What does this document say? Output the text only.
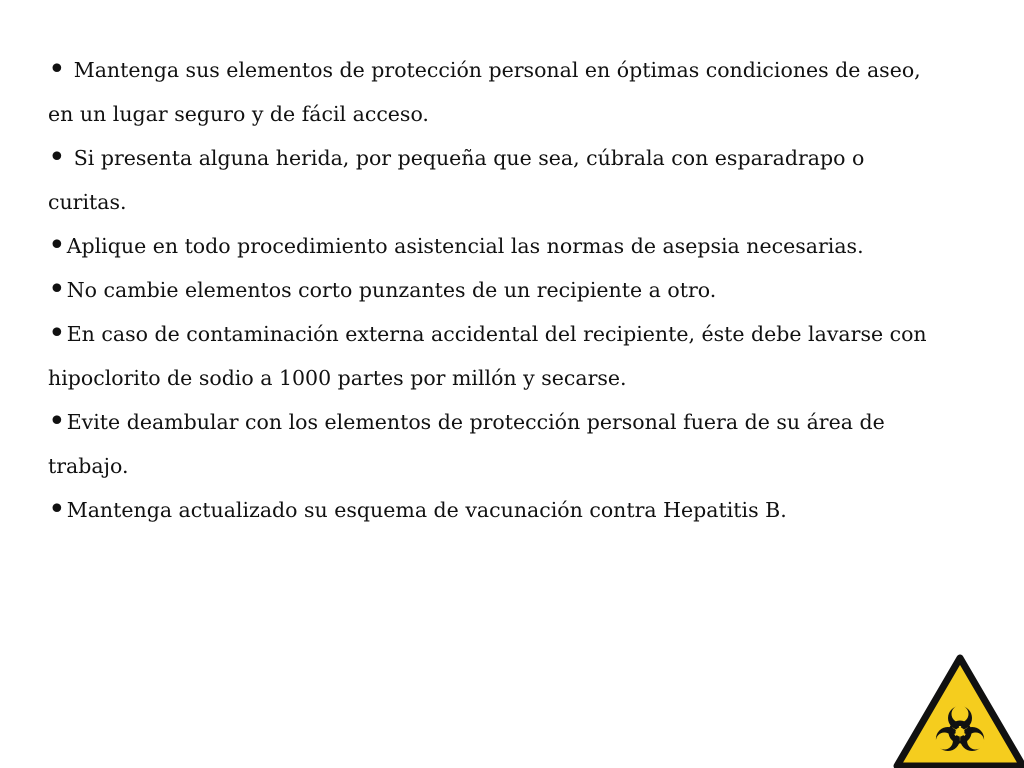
• Mantenga sus elementos de protección personal en óptimas condiciones de aseo, en un lugar seguro y de fácil acceso.
• Si presenta alguna herida, por pequeña que sea, cúbrala con esparadrapo o curitas.
•Aplique en todo procedimiento asistencial las normas de asepsia necesarias.
•No cambie elementos corto punzantes de un recipiente a otro.
•En caso de contaminación externa accidental del recipiente, éste debe lavarse con hipoclorito de sodio a 1000 partes por millón y secarse.
•Evite deambular con los elementos de protección personal fuera de su área de trabajo.
•Mantenga actualizado su esquema de vacunación contra Hepatitis B.
